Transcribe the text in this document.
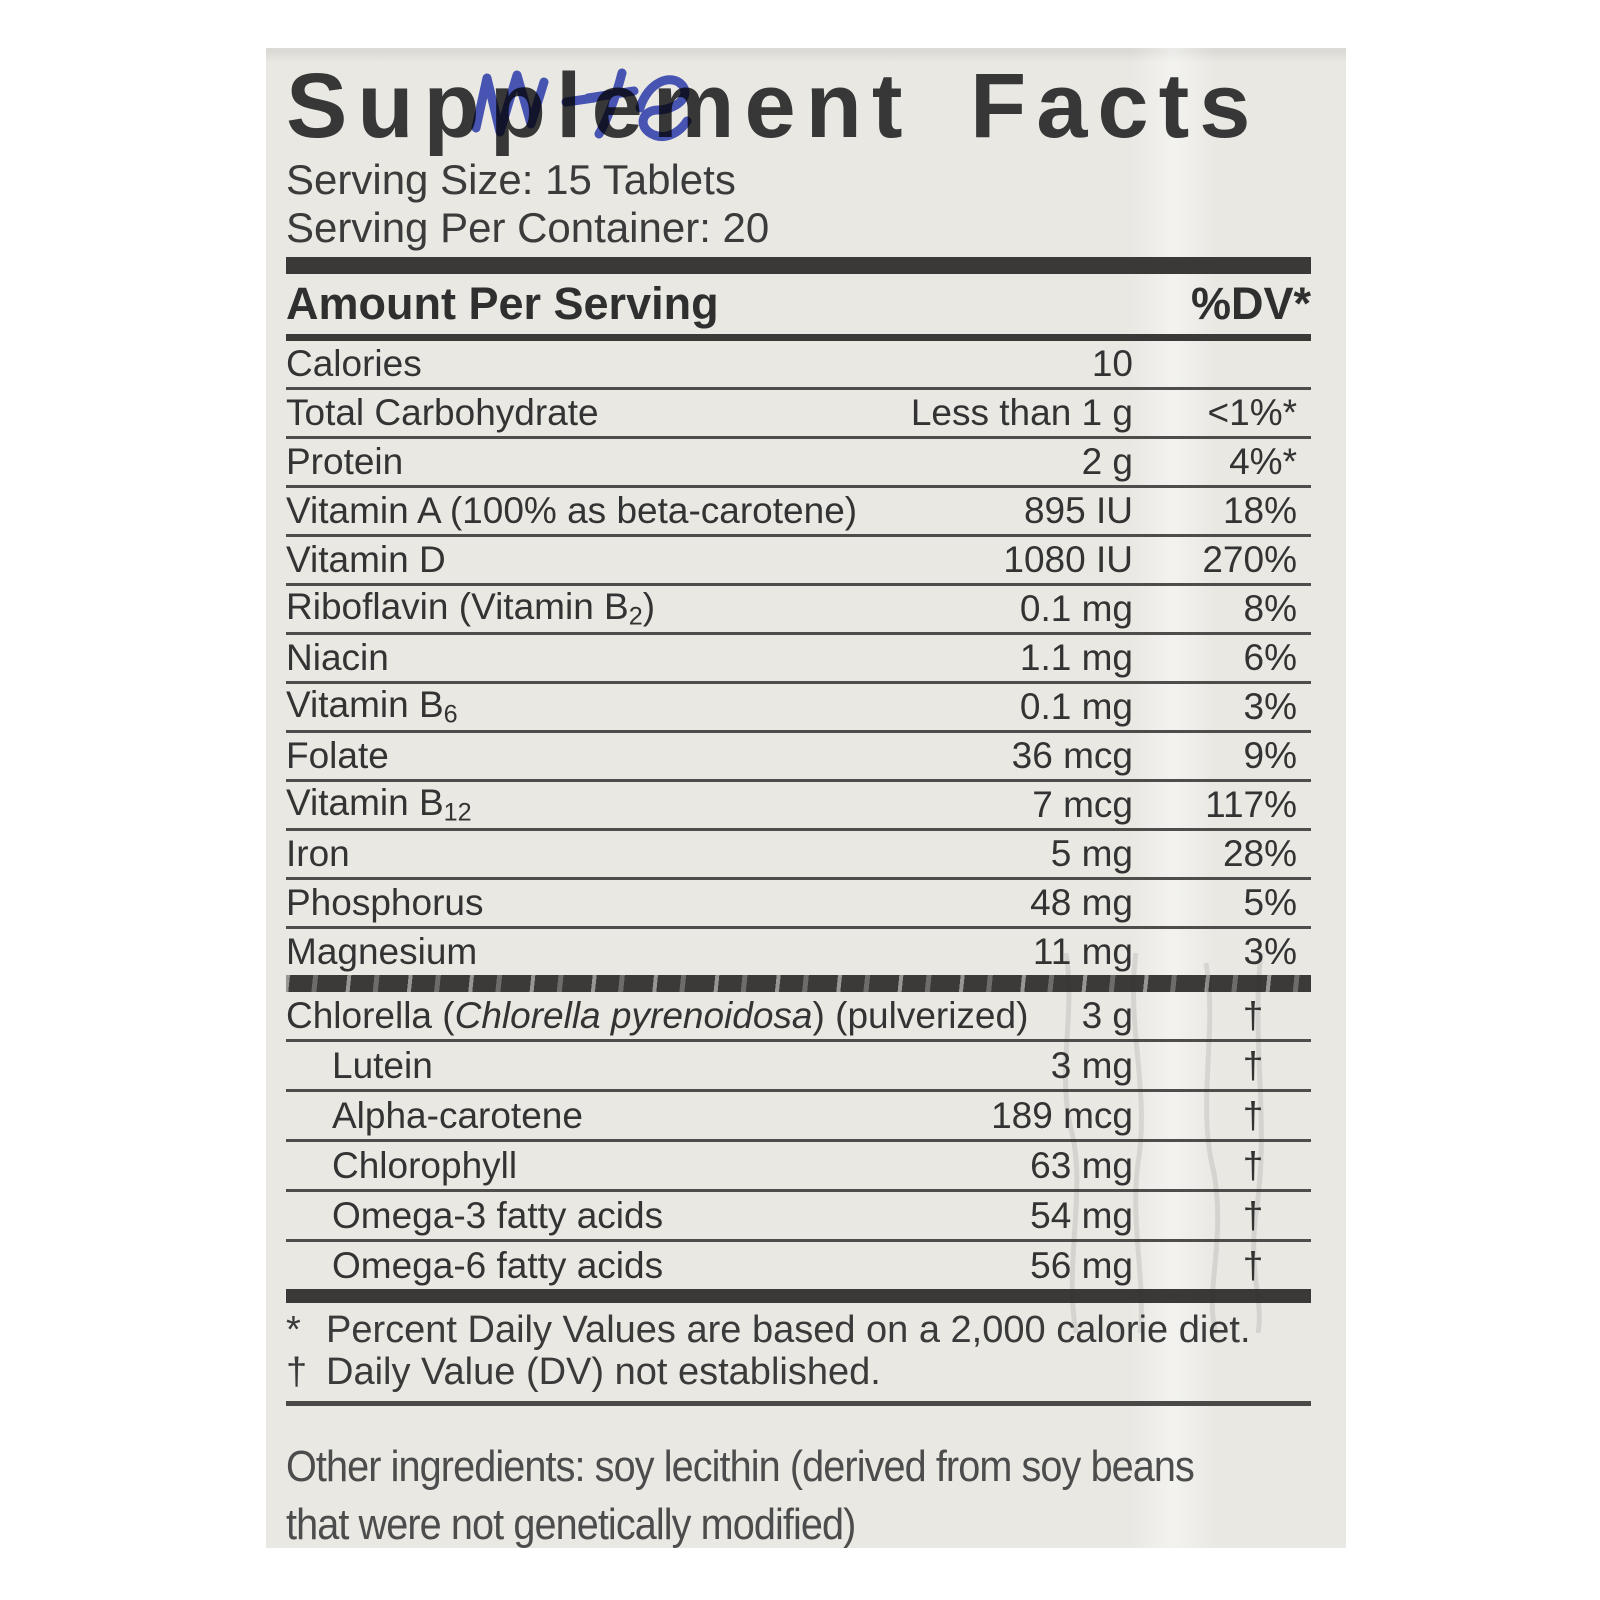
Supplement Facts
Serving Size: 15 Tablets
Serving Per Container: 20
Amount Per Serving	%DV*
Calories	10
Total Carbohydrate	Less than 1 g	<1%*
Protein	2 g	4%*
Vitamin A (100% as beta-carotene)	895 IU	18%
Vitamin D	1080 IU	270%
Riboflavin (Vitamin $B_2$)	0.1 mg	8%
Niacin	1.1 mg	6%
Vitamin $B_6$	0.1 mg	3%
Folate	36 mcg	9%
Vitamin $B_{12}$	7 mcg	117%
Iron	5 mg	28%
Phosphorus	48 mg	5%
Magnesium	11 mg	3%
Chlorella (Chlorella pyrenoidosa) (pulverized)	3 g	†
Lutein	3 mg	†
Alpha-carotene	189 mcg	†
Chlorophyll	63 mg	†
Omega-3 fatty acids	54 mg	†
Omega-6 fatty acids	56 mg	†
* Percent Daily Values are based on a 2,000 calorie diet.
† Daily Value (DV) not established.
Other ingredients: soy lecithin (derived from soy beans that were not genetically modified)
